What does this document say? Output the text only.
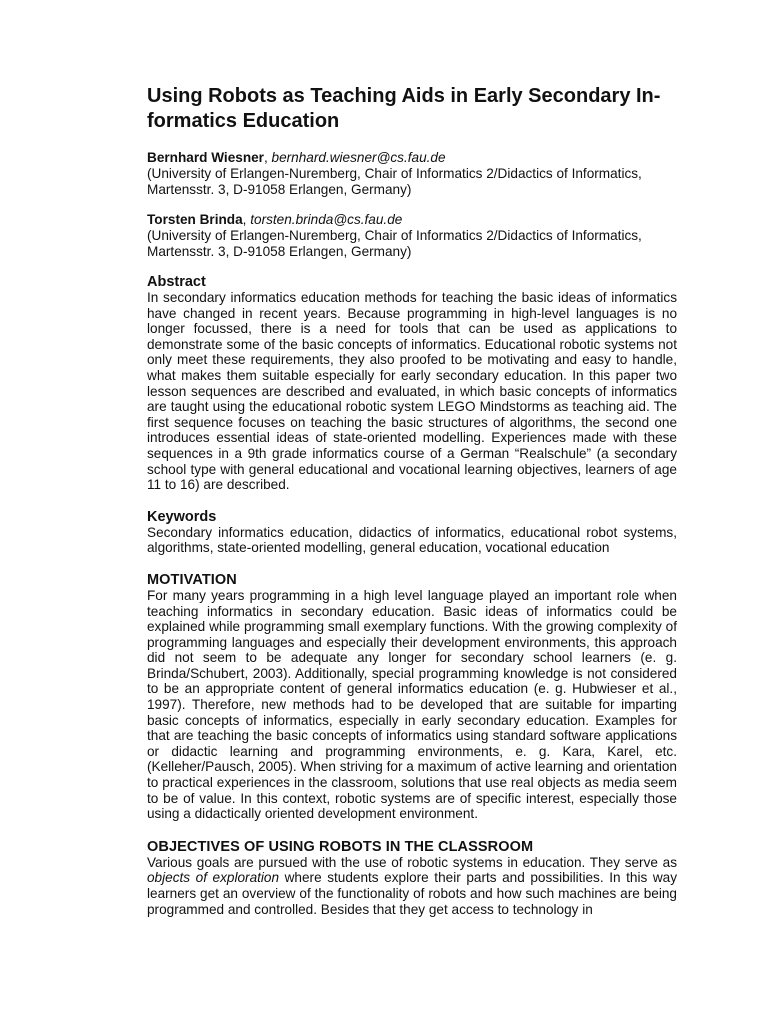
Using Robots as Teaching Aids in Early Secondary In-
formatics Education
Bernhard Wiesner, bernhard.wiesner@cs.fau.de
(University of Erlangen-Nuremberg, Chair of Informatics 2/Didactics of Informatics,
Martensstr. 3, D-91058 Erlangen, Germany)
Torsten Brinda, torsten.brinda@cs.fau.de
(University of Erlangen-Nuremberg, Chair of Informatics 2/Didactics of Informatics,
Martensstr. 3, D-91058 Erlangen, Germany)
Abstract

In secondary informatics education methods for teaching the basic ideas of informatics have changed in recent years. Because programming in high-level languages is no longer focussed, there is a need for tools that can be used as applications to demonstrate some of the basic concepts of informatics. Educational robotic systems not only meet these requirements, they also proofed to be motivating and easy to handle, what makes them suitable especially for early secondary education. In this paper two lesson sequences are described and evaluated, in which basic concepts of informatics are taught using the educational robotic system LEGO Mindstorms as teaching aid. The first sequence focuses on teaching the basic structures of algorithms, the second one introduces essential ideas of state-oriented modelling. Experiences made with these sequences in a 9th grade informatics course of a German “Realschule” (a secondary school type with general educational and vocational learning objectives, learners of age 11 to 16) are described.

Keywords

Secondary informatics education, didactics of informatics, educational robot systems, algorithms, state-oriented modelling, general education, vocational education

MOTIVATION

For many years programming in a high level language played an important role when teaching informatics in secondary education. Basic ideas of informatics could be explained while programming small exemplary functions. With the growing complexity of programming languages and especially their development environments, this approach did not seem to be adequate any longer for secondary school learners (e. g. Brinda/Schubert, 2003). Additionally, special programming knowledge is not considered to be an appropriate content of general informatics education (e. g. Hubwieser et al., 1997). Therefore, new methods had to be developed that are suitable for imparting basic concepts of informatics, especially in early secondary education. Examples for that are teaching the basic concepts of informatics using standard software applications or didactic learning and programming environments, e. g. Kara, Karel, etc. (Kelleher/Pausch, 2005). When striving for a maximum of active learning and orientation to practical experiences in the classroom, solutions that use real objects as media seem to be of value. In this context, robotic systems are of specific interest, especially those using a didactically oriented development environment.

OBJECTIVES OF USING ROBOTS IN THE CLASSROOM

Various goals are pursued with the use of robotic systems in education. They serve as objects of exploration where students explore their parts and possibilities. In this way learners get an overview of the functionality of robots and how such machines are being programmed and controlled. Besides that they get access to technology in
